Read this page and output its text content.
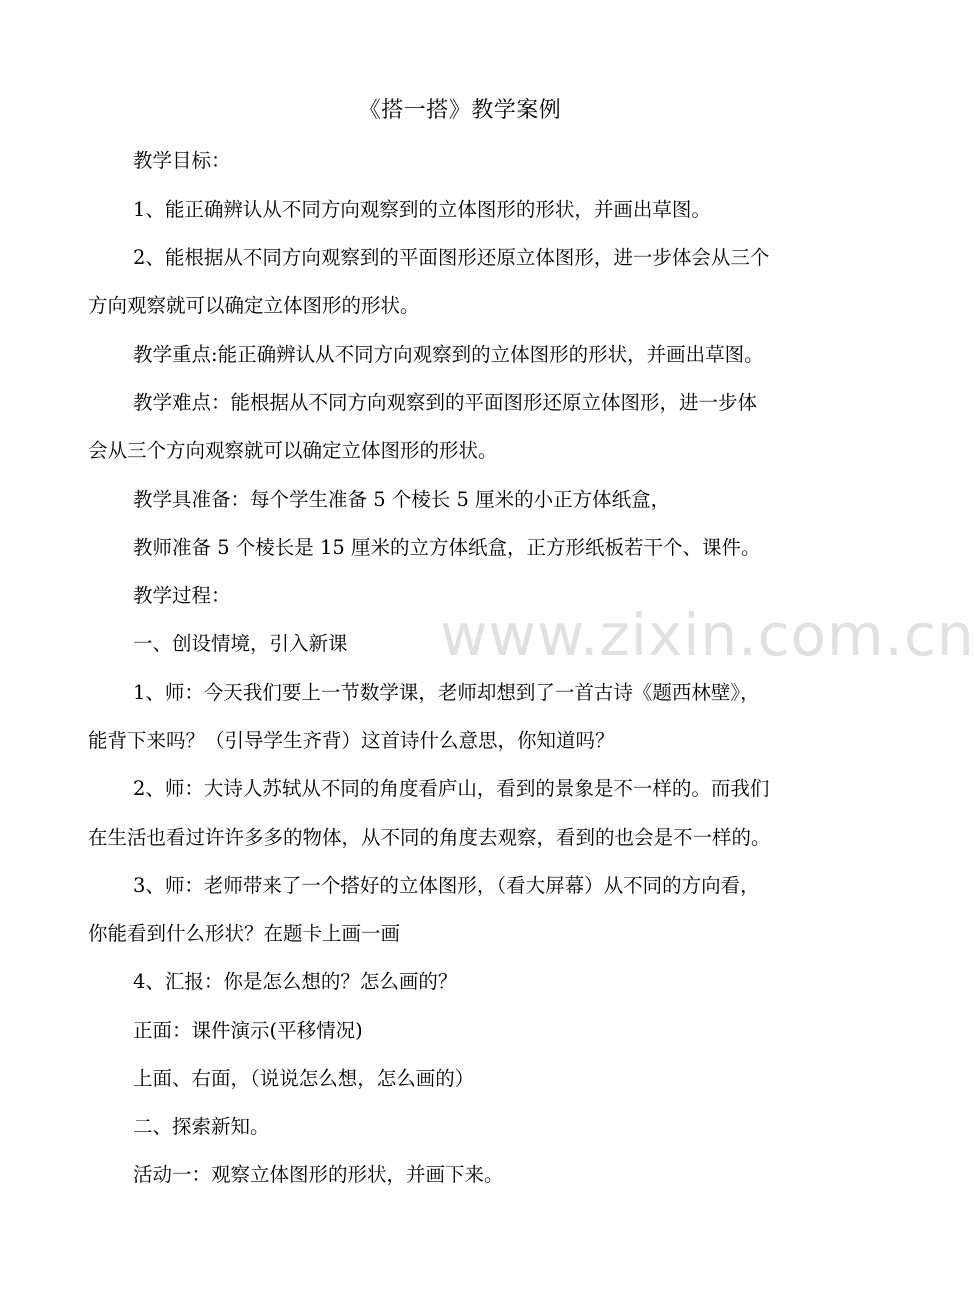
《搭一搭》教学案例

教学目标：

1、能正确辨认从不同方向观察到的立体图形的形状，并画出草图。

2、能根据从不同方向观察到的平面图形还原立体图形，进一步体会从三个

方向观察就可以确定立体图形的形状。

教学重点:能正确辨认从不同方向观察到的立体图形的形状，并画出草图。

教学难点：能根据从不同方向观察到的平面图形还原立体图形，进一步体

会从三个方向观察就可以确定立体图形的形状。

教学具准备：每个学生准备 5 个棱长 5 厘米的小正方体纸盒，

教师准备 5 个棱长是 15 厘米的立方体纸盒，正方形纸板若干个、课件。

教学过程：

一、创设情境，引入新课

1、师：今天我们要上一节数学课，老师却想到了一首古诗《题西林壁》，

能背下来吗？（引导学生齐背）这首诗什么意思，你知道吗？

2、师：大诗人苏轼从不同的角度看庐山，看到的景象是不一样的。而我们

在生活也看过许许多多的物体，从不同的角度去观察，看到的也会是不一样的。

3、师：老师带来了一个搭好的立体图形，（看大屏幕）从不同的方向看，

你能看到什么形状？在题卡上画一画

4、汇报：你是怎么想的？怎么画的？

正面：课件演示(平移情况)

上面、右面，（说说怎么想，怎么画的）

二、探索新知。

活动一：观察立体图形的形状，并画下来。

www.zixin.com.cn
